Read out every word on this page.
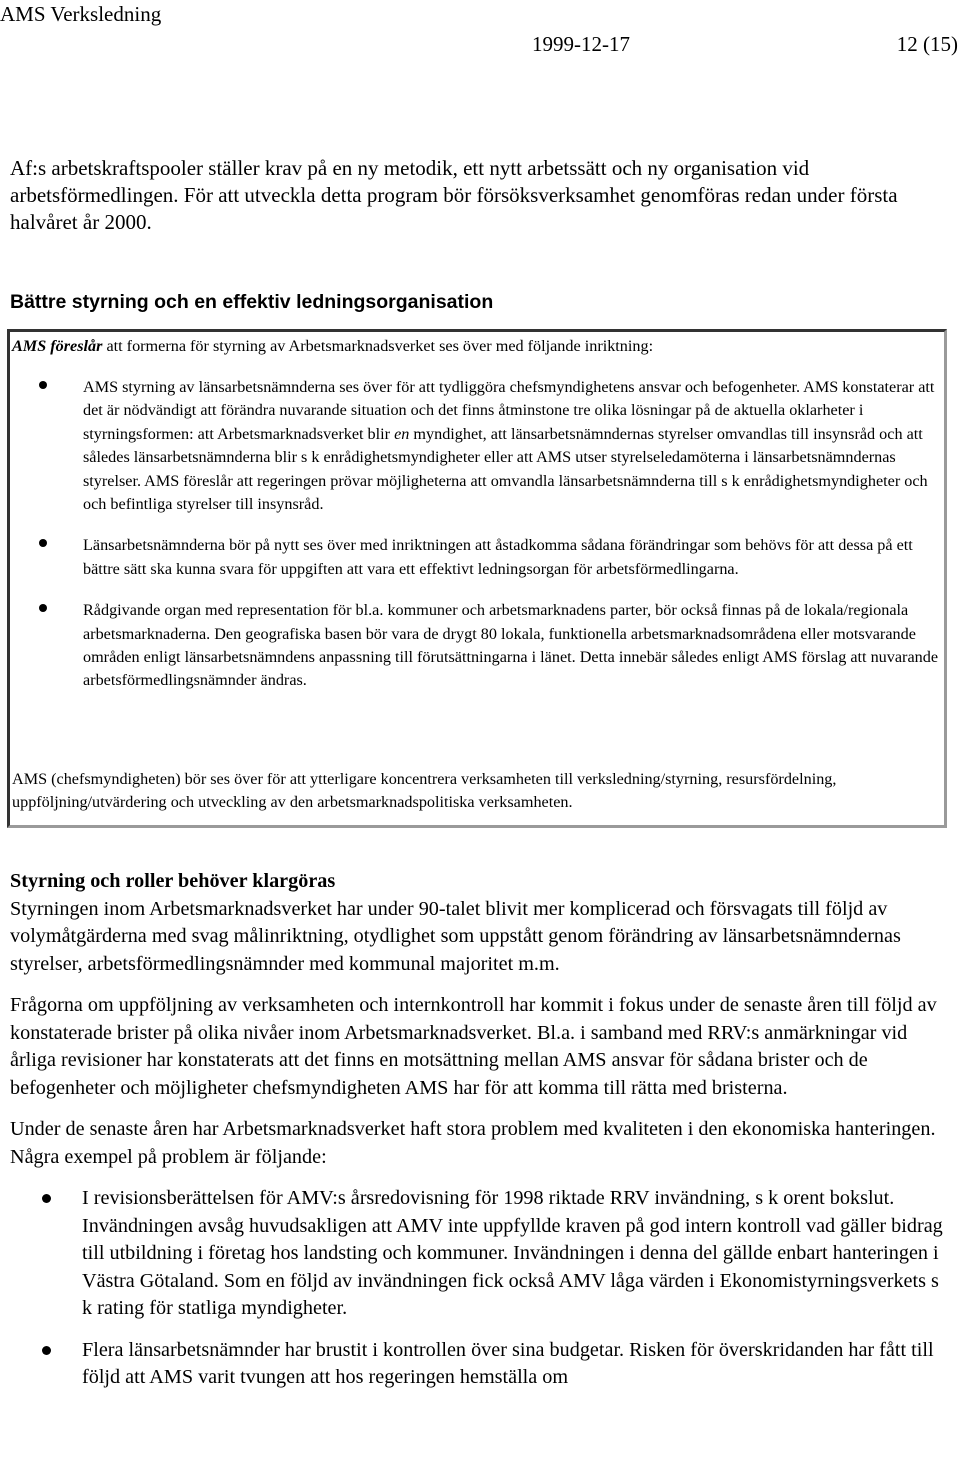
AMS Verksledning
1999-12-17	12 (15)

Af:s arbetskraftspooler ställer krav på en ny metodik, ett nytt arbetssätt och ny organisation vid arbetsförmedlingen. För att utveckla detta program bör försöksverksamhet genomföras redan under första halvåret år 2000.

Bättre styrning och en effektiv ledningsorganisation
AMS föreslår att formerna för styrning av Arbetsmarknadsverket ses över med följande inriktning:
AMS styrning av länsarbetsnämnderna ses över för att tydliggöra chefsmyndighetens ansvar och befogenheter. AMS konstaterar att det är nödvändigt att förändra nuvarande situation och det finns åtminstone tre olika lösningar på de aktuella oklarheter i styrningsformen: att Arbetsmarknadsverket blir en myndighet, att länsarbetsnämndernas styrelser omvandlas till insynsråd och att således länsarbetsnämnderna blir s k enrådighetsmyndigheter eller att AMS utser styrelseledamöterna i länsarbetsnämndernas styrelser. AMS föreslår att regeringen prövar möjligheterna att omvandla länsarbetsnämnderna till s k enrådighetsmyndigheter och och befintliga styrelser till insynsråd.
Länsarbetsnämnderna bör på nytt ses över med inriktningen att åstadkomma sådana förändringar som behövs för att dessa på ett bättre sätt ska kunna svara för uppgiften att vara ett effektivt ledningsorgan för arbetsförmedlingarna.
Rådgivande organ med representation för bl.a. kommuner och arbetsmarknadens parter, bör också finnas på de lokala/regionala arbetsmarknaderna. Den geografiska basen bör vara de drygt 80 lokala, funktionella arbetsmarknadsområdena eller motsvarande områden enligt länsarbetsnämndens anpassning till förutsättningarna i länet. Detta innebär således enligt AMS förslag att nuvarande arbetsförmedlingsnämnder ändras.
AMS (chefsmyndigheten) bör ses över för att ytterligare koncentrera verksamheten till verksledning/styrning, resursfördelning, uppföljning/utvärdering och utveckling av den arbetsmarknadspolitiska verksamheten.
Styrning och roller behöver klargöras

Styrningen inom Arbetsmarknadsverket har under 90-talet blivit mer komplicerad och försvagats till följd av volymåtgärderna med svag målinriktning, otydlighet som uppstått genom förändring av länsarbetsnämndernas styrelser, arbetsförmedlingsnämnder med kommunal majoritet m.m.

Frågorna om uppföljning av verksamheten och internkontroll har kommit i fokus under de senaste åren till följd av konstaterade brister på olika nivåer inom Arbetsmarknadsverket. Bl.a. i samband med RRV:s anmärkningar vid årliga revisioner har konstaterats att det finns en motsättning mellan AMS ansvar för sådana brister och de befogenheter och möjligheter chefsmyndigheten AMS har för att komma till rätta med bristerna.

Under de senaste åren har Arbetsmarknadsverket haft stora problem med kvaliteten i den ekonomiska hanteringen. Några exempel på problem är följande:

I revisionsberättelsen för AMV:s årsredovisning för 1998 riktade RRV invändning, s k orent bokslut. Invändningen avsåg huvudsakligen att AMV inte uppfyllde kraven på god intern kontroll vad gäller bidrag till utbildning i företag hos landsting och kommuner. Invändningen i denna del gällde enbart hanteringen i Västra Götaland. Som en följd av invändningen fick också AMV låga värden i Ekonomistyrningsverkets s k rating för statliga myndigheter.
Flera länsarbetsnämnder har brustit i kontrollen över sina budgetar. Risken för överskridanden har fått till följd att AMS varit tvungen att hos regeringen hemställa om
